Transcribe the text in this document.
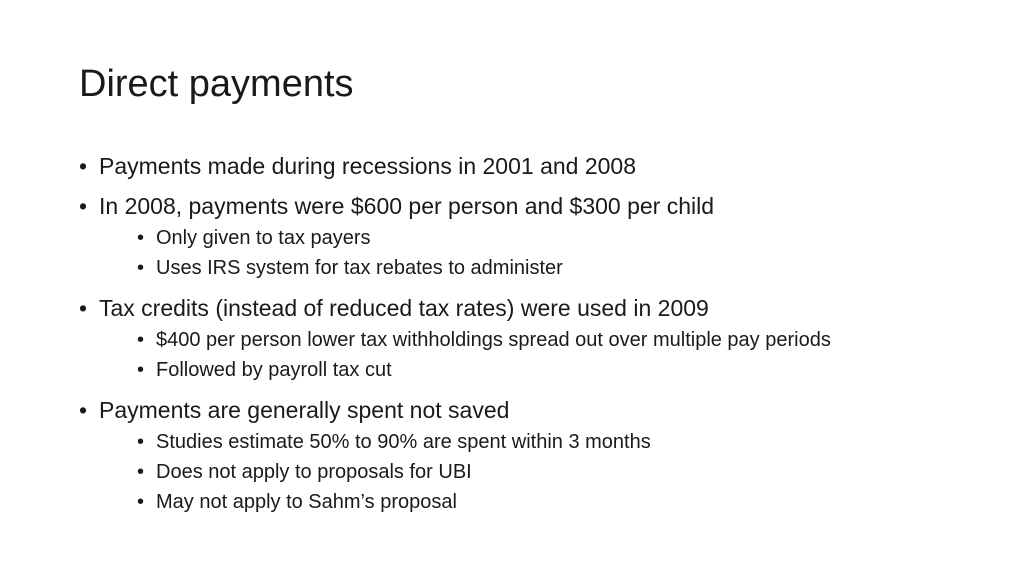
Direct payments
• Payments made during recessions in 2001 and 2008
• In 2008, payments were $600 per person and $300 per child
• Only given to tax payers
• Uses IRS system for tax rebates to administer
• Tax credits (instead of reduced tax rates) were used in 2009
• $400 per person lower tax withholdings spread out over multiple pay periods
• Followed by payroll tax cut
• Payments are generally spent not saved
• Studies estimate 50% to 90% are spent within 3 months
• Does not apply to proposals for UBI
• May not apply to Sahm’s proposal
